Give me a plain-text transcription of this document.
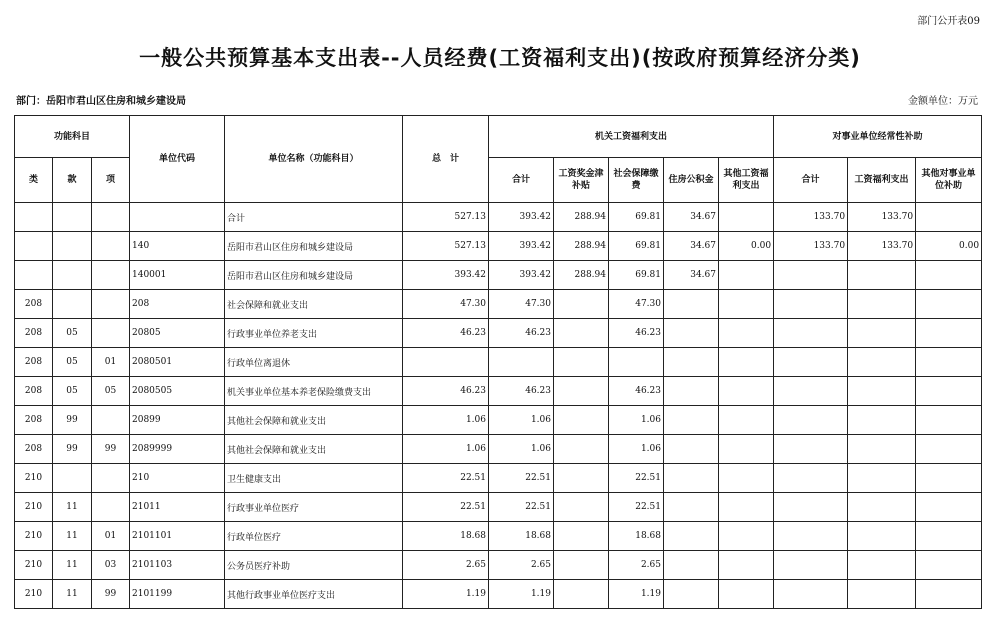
部门公开表09
一般公共预算基本支出表--人员经费(工资福利支出)(按政府预算经济分类)
部门：岳阳市君山区住房和城乡建设局	金额单位：万元
功能科目			单位代码	单位名称（功能科目）	总　计	机关工资福利支出					对事业单位经常性补助		
类	款	项				合计	工资奖金津补贴	社会保障缴费	住房公积金	其他工资福利支出	合计	工资福利支出	其他对事业单位补助
				合计	527.13	393.42	288.94	69.81	34.67		133.70	133.70	
			140	岳阳市君山区住房和城乡建设局	527.13	393.42	288.94	69.81	34.67	0.00	133.70	133.70	0.00
			140001	岳阳市君山区住房和城乡建设局	393.42	393.42	288.94	69.81	34.67				
208			208	社会保障和就业支出	47.30	47.30		47.30					
208	05		20805	行政事业单位养老支出	46.23	46.23		46.23					
208	05	01	2080501	行政单位离退休									
208	05	05	2080505	机关事业单位基本养老保险缴费支出	46.23	46.23		46.23					
208	99		20899	其他社会保障和就业支出	1.06	1.06		1.06					
208	99	99	2089999	其他社会保障和就业支出	1.06	1.06		1.06					
210			210	卫生健康支出	22.51	22.51		22.51					
210	11		21011	行政事业单位医疗	22.51	22.51		22.51					
210	11	01	2101101	行政单位医疗	18.68	18.68		18.68					
210	11	03	2101103	公务员医疗补助	2.65	2.65		2.65					
210	11	99	2101199	其他行政事业单位医疗支出	1.19	1.19		1.19					
